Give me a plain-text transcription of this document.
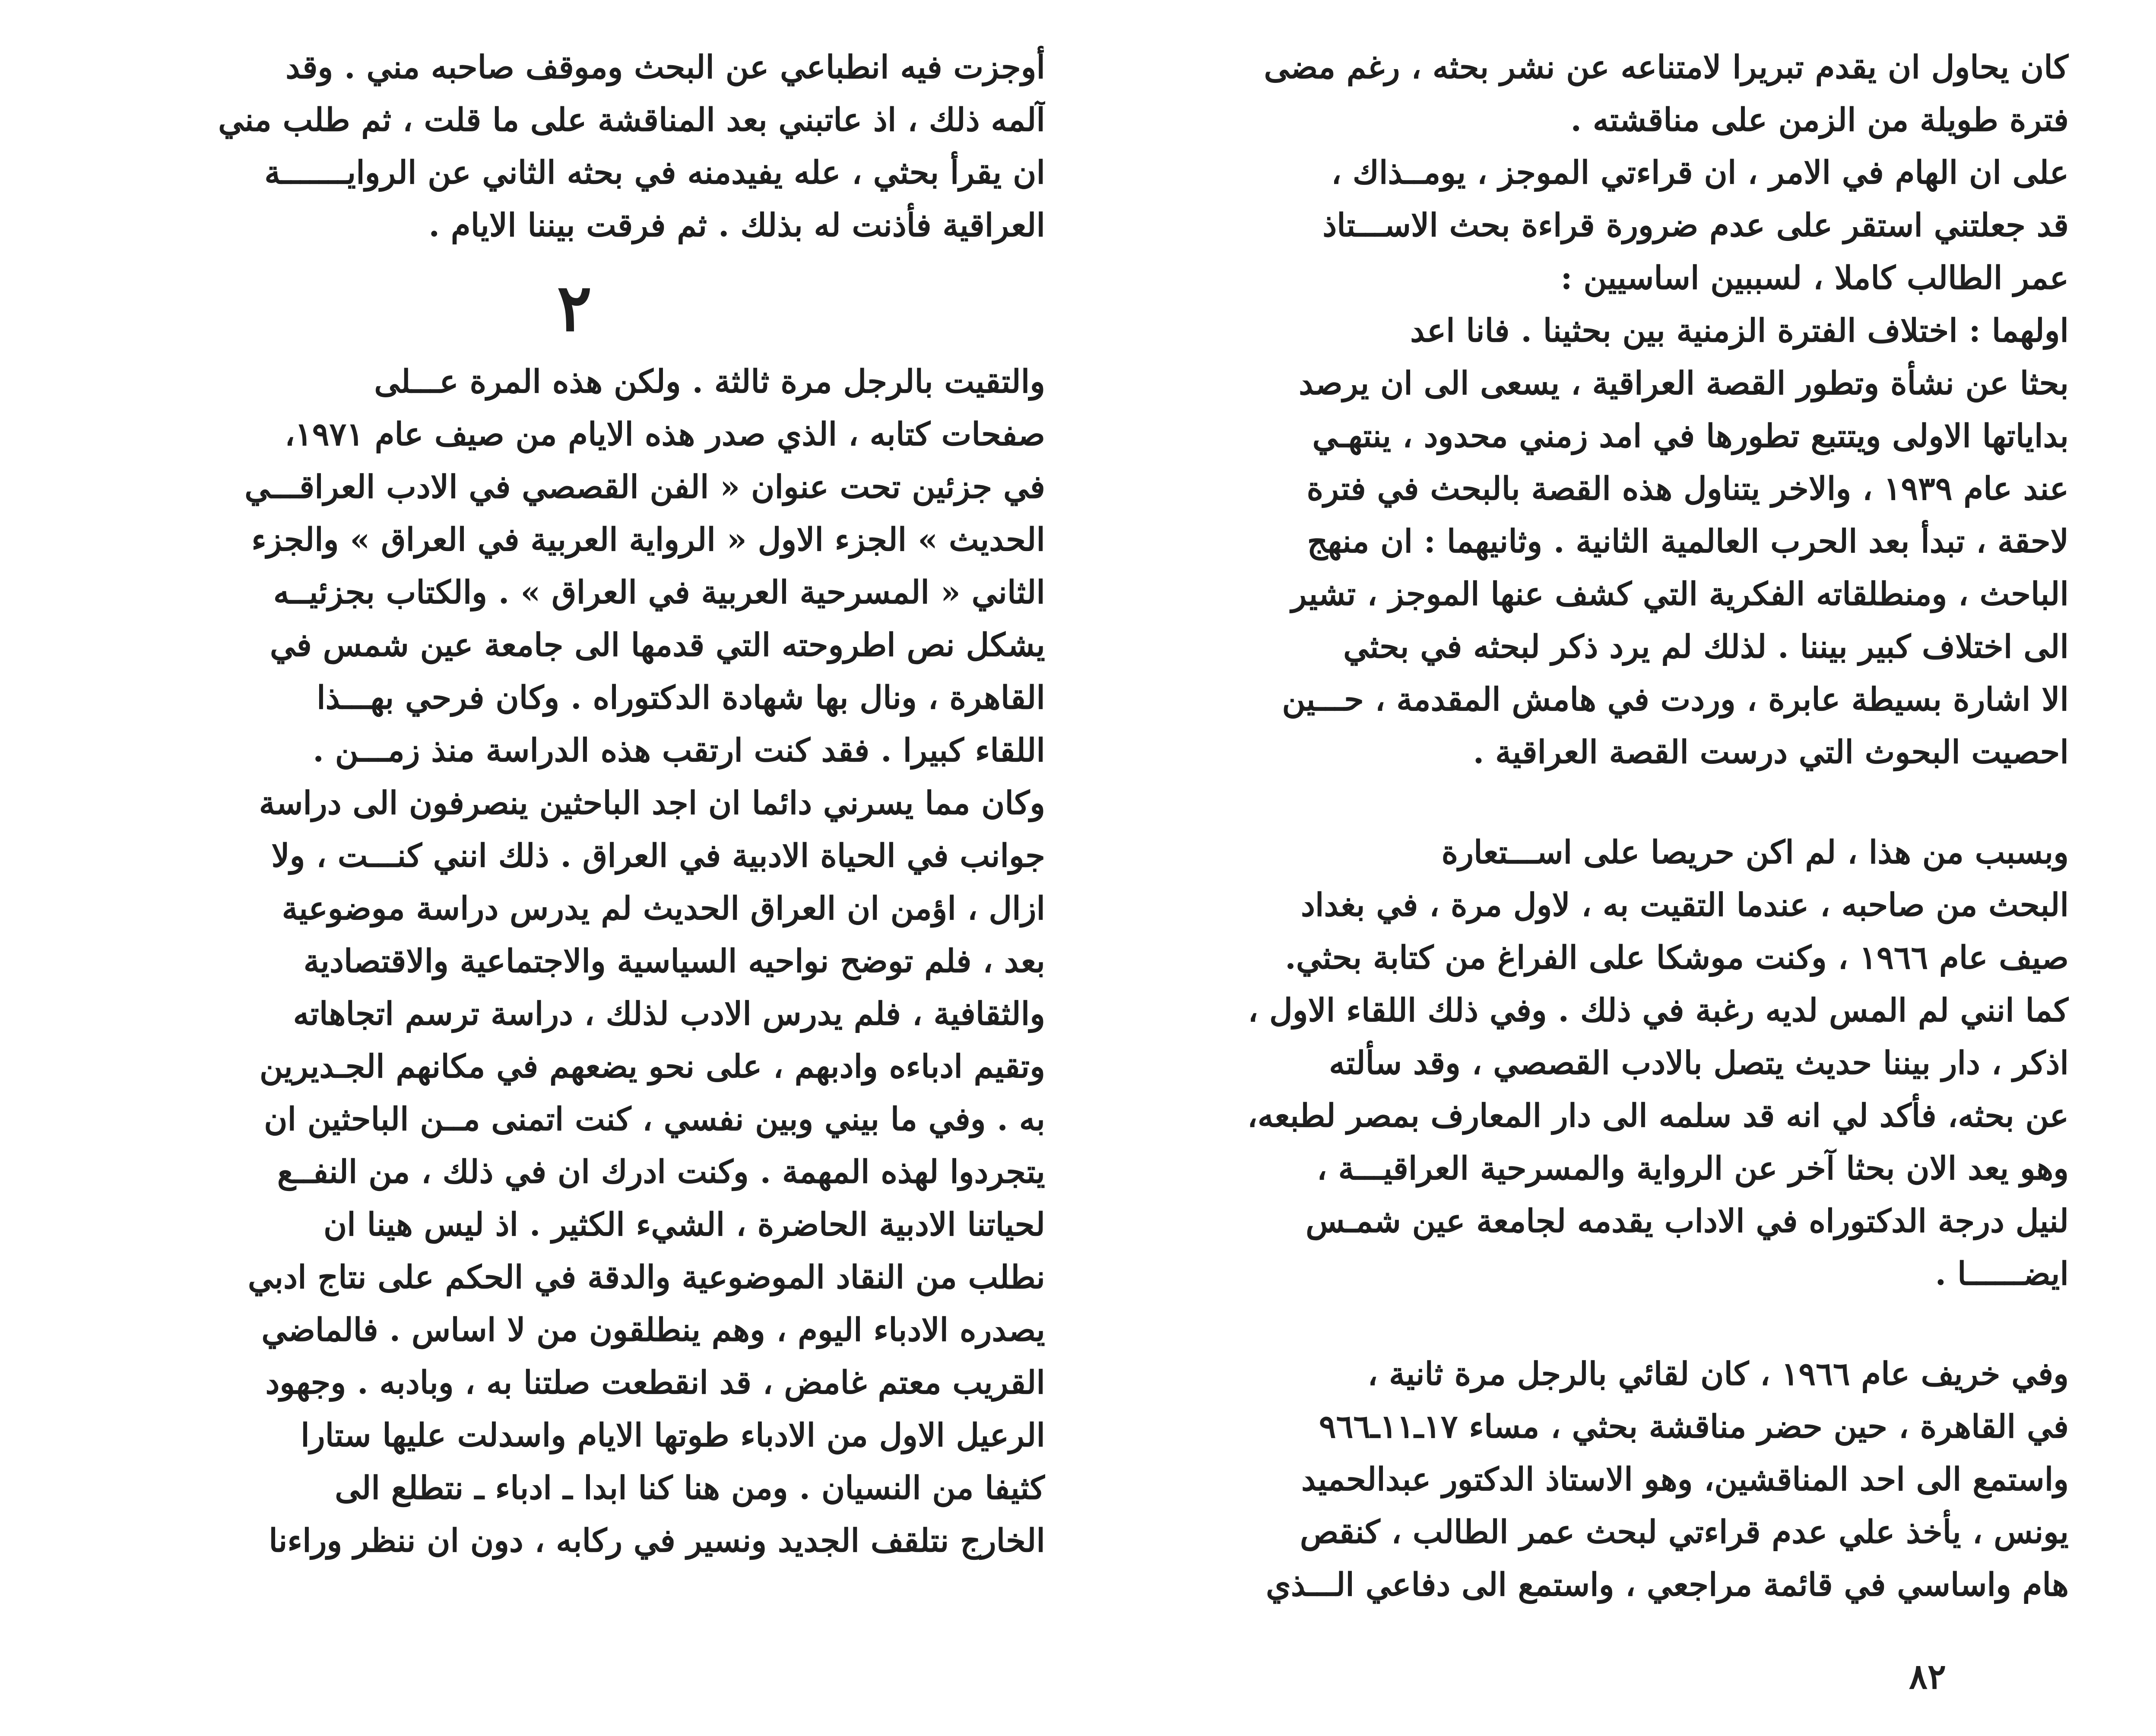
أوجزت فيه انطباعي عن البحث وموقف صاحبه مني . وقد
آلمه ذلك ، اذ عاتبني بعد المناقشة على ما قلت ، ثم طلب مني
ان يقرأ بحثي ، عله يفيدمنه في بحثه الثاني عن الروايـــــــة
العراقية فأذنت له بذلك . ثم فرقت بيننا الايام .
٢
والتقيت بالرجل مرة ثالثة . ولكن هذه المرة عـــلى
صفحات كتابه ، الذي صدر هذه الايام من صيف عام ١٩٧١،
في جزئين تحت عنوان « الفن القصصي في الادب العراقـــي
الحديث » الجزء الاول « الرواية العربية في العراق » والجزء
الثاني « المسرحية العربية في العراق » . والكتاب بجزئيــه
يشكل نص اطروحته التي قدمها الى جامعة عين شمس في
القاهرة ، ونال بها شهادة الدكتوراه . وكان فرحي بهـــذا
اللقاء كبيرا . فقد كنت ارتقب هذه الدراسة منذ زمـــن .
وكان مما يسرني دائما ان اجد الباحثين ينصرفون الى دراسة
جوانب في الحياة الادبية في العراق . ذلك انني كنـــت ، ولا
ازال ، اؤمن ان العراق الحديث لم يدرس دراسة موضوعية
بعد ، فلم توضح نواحيه السياسية والاجتماعية والاقتصادية
والثقافية ، فلم يدرس الادب لذلك ، دراسة ترسم اتجاهاته
وتقيم ادباءه وادبهم ، على نحو يضعهم في مكانهم الجـديرين
به . وفي ما بيني وبين نفسي ، كنت اتمنى مــن الباحثين ان
يتجردوا لهذه المهمة . وكنت ادرك ان في ذلك ، من النفــع
لحياتنا الادبية الحاضرة ، الشيء الكثير . اذ ليس هينا ان
نطلب من النقاد الموضوعية والدقة في الحكم على نتاج ادبي
يصدره الادباء اليوم ، وهم ينطلقون من لا اساس . فالماضي
القريب معتم غامض ، قد انقطعت صلتنا به ، وبادبه . وجهود
الرعيل الاول من الادباء طوتها الايام واسدلت عليها ستارا
كثيفا من النسيان . ومن هنا كنا ابدا ـ ادباء ـ نتطلع الى
الخارج نتلقف الجديد ونسير في ركابه ، دون ان ننظر وراءنا
كان يحاول ان يقدم تبريرا لامتناعه عن نشر بحثه ، رغم مضى
فترة طويلة من الزمن على مناقشته .
على ان الهام في الامر ، ان قراءتي الموجز ، يومــذاك ،
قد جعلتني استقر على عدم ضرورة قراءة بحث الاســـتاذ
عمر الطالب كاملا ، لسببين اساسيين :
اولهما : اختلاف الفترة الزمنية بين بحثينا . فانا اعد
بحثا عن نشأة وتطور القصة العراقية ، يسعى الى ان يرصد
بداياتها الاولى ويتتبع تطورها في امد زمني محدود ، ينتهـي
عند عام ١٩٣٩ ، والاخر يتناول هذه القصة بالبحث في فترة
لاحقة ، تبدأ بعد الحرب العالمية الثانية . وثانيهما : ان منهج
الباحث ، ومنطلقاته الفكرية التي كشف عنها الموجز ، تشير
الى اختلاف كبير بيننا . لذلك لم يرد ذكر لبحثه في بحثي
الا اشارة بسيطة عابرة ، وردت في هامش المقدمة ، حـــين
احصيت البحوث التي درست القصة العراقية .
وبسبب من هذا ، لم اكن حريصا على اســـتعارة
البحث من صاحبه ، عندما التقيت به ، لاول مرة ، في بغداد
صيف عام ١٩٦٦ ، وكنت موشكا على الفراغ من كتابة بحثي.
كما انني لم المس لديه رغبة في ذلك . وفي ذلك اللقاء الاول ،
اذكر ، دار بيننا حديث يتصل بالادب القصصي ، وقد سألته
عن بحثه، فأكد لي انه قد سلمه الى دار المعارف بمصر لطبعه،
وهو يعد الان بحثا آخر عن الرواية والمسرحية العراقيـــة ،
لنيل درجة الدكتوراه في الاداب يقدمه لجامعة عين شمـس
ايضــــــا .
وفي خريف عام ١٩٦٦ ، كان لقائي بالرجل مرة ثانية ،
في القاهرة ، حين حضر مناقشة بحثي ، مساء ١٧ـ١١ـ٩٦٦
واستمع الى احد المناقشين، وهو الاستاذ الدكتور عبدالحميد
يونس ، يأخذ علي عدم قراءتي لبحث عمر الطالب ، كنقص
هام واساسي في قائمة مراجعي ، واستمع الى دفاعي الـــذي
٨٢
